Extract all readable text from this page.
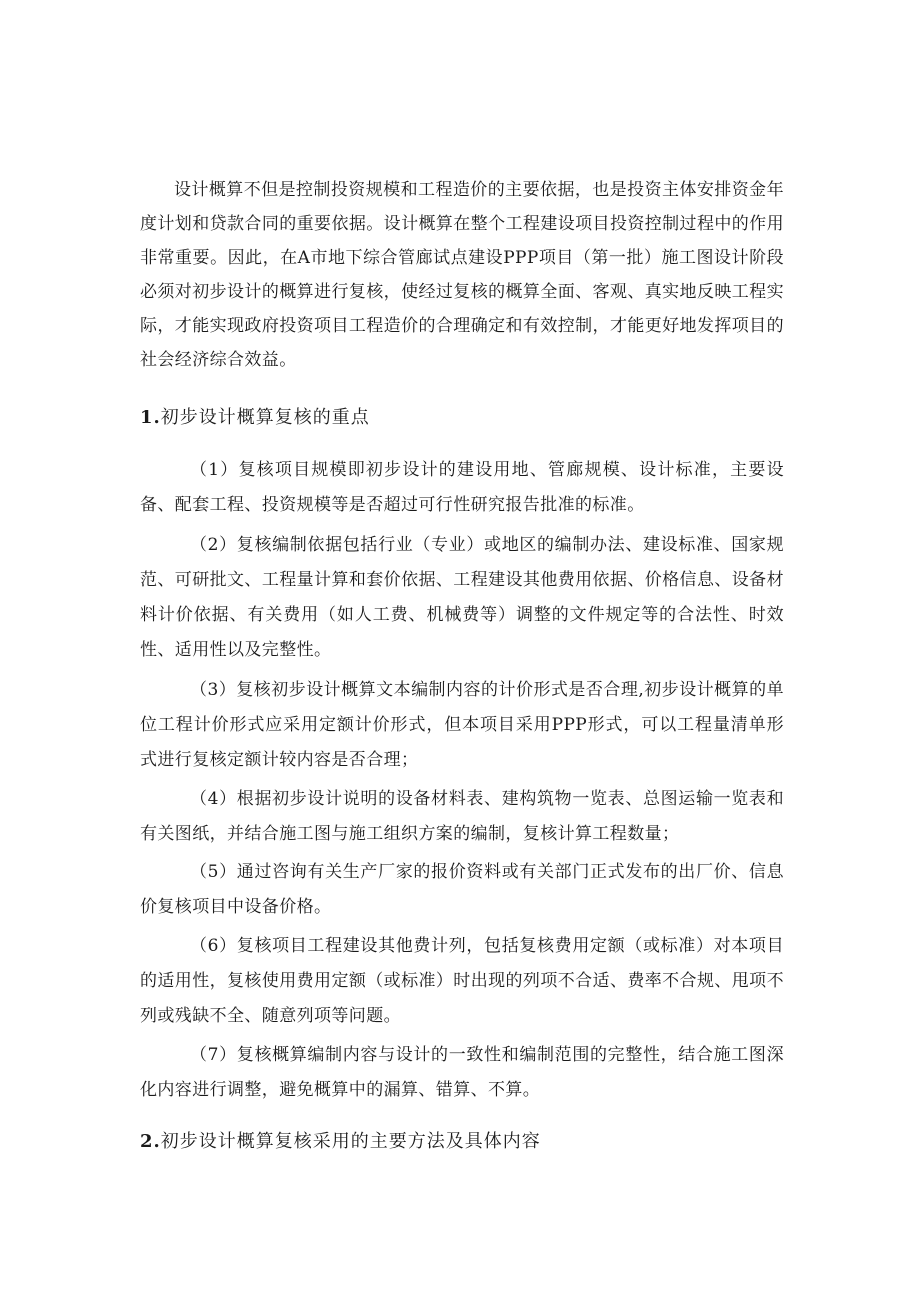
设计概算不但是控制投资规模和工程造价的主要依据，也是投资主体安排资金年度计划和贷款合同的重要依据。设计概算在整个工程建设项目投资控制过程中的作用非常重要。因此，在A市地下综合管廊试点建设PPP项目（第一批）施工图设计阶段必须对初步设计的概算进行复核，使经过复核的概算全面、客观、真实地反映工程实际，才能实现政府投资项目工程造价的合理确定和有效控制，才能更好地发挥项目的社会经济综合效益。

1.初步设计概算复核的重点

（1）复核项目规模即初步设计的建设用地、管廊规模、设计标准，主要设备、配套工程、投资规模等是否超过可行性研究报告批准的标准。

（2）复核编制依据包括行业（专业）或地区的编制办法、建设标准、国家规范、可研批文、工程量计算和套价依据、工程建设其他费用依据、价格信息、设备材料计价依据、有关费用（如人工费、机械费等）调整的文件规定等的合法性、时效性、适用性以及完整性。

（3）复核初步设计概算文本编制内容的计价形式是否合理,初步设计概算的单位工程计价形式应采用定额计价形式，但本项目采用PPP形式，可以工程量清单形式进行复核定额计较内容是否合理；

（4）根据初步设计说明的设备材料表、建构筑物一览表、总图运输一览表和有关图纸，并结合施工图与施工组织方案的编制，复核计算工程数量；

（5）通过咨询有关生产厂家的报价资料或有关部门正式发布的出厂价、信息价复核项目中设备价格。

（6）复核项目工程建设其他费计列，包括复核费用定额（或标准）对本项目的适用性，复核使用费用定额（或标准）时出现的列项不合适、费率不合规、甩项不列或残缺不全、随意列项等问题。

（7）复核概算编制内容与设计的一致性和编制范围的完整性，结合施工图深化内容进行调整，避免概算中的漏算、错算、不算。

2.初步设计概算复核采用的主要方法及具体内容
